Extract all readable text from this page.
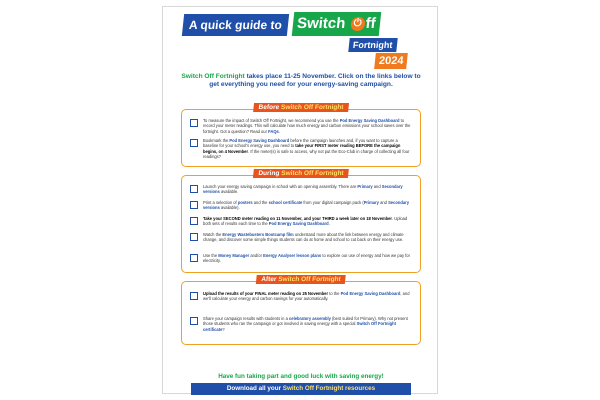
A quick guide to Switch ⏻ ff
Fortnight
2024
Switch Off Fortnight takes place 11-25 November. Click on the links below to get everything you need for your energy-saving campaign.
Before Switch Off Fortnight
To measure the impact of Switch Off Fortnight, we recommend you use the Pod Energy Saving Dashboard to record your meter readings. This will calculate how much energy and carbon emissions your school saves over the fortnight. Got a question? Read our FAQs.
Bookmark the Pod Energy Saving Dashboard before the campaign launches and, if you want to capture a baseline for your school's energy use, you need to take your FIRST meter reading BEFORE the campaign begins, on 4 November. If the meter(s) is safe to access, why not put the Eco-Club in charge of collecting all four readings?
During Switch Off Fortnight
Launch your energy saving campaign in school with an opening assembly. There are Primary and Secondary versions available.
Print a selection of posters and the school certificate from your digital campaign pack (Primary and Secondary versions available).
Take your SECOND meter reading on 11 November, and your THIRD a week later on 18 November. Upload both sets of results each time to the Pod Energy Saving Dashboard.
Watch the Energy Wastebusters Bootcamp film understand more about the link between energy and climate change, and discover some simple things students can do at home and school to cut back on their energy use.
Use the Money Manager and/or Energy Analyser lesson plans to explore our use of energy and how we pay for electricity.
After Switch Off Fortnight
Upload the results of your FINAL meter reading on 25 November to the Pod Energy Saving Dashboard, and we'll calculate your energy and carbon savings for your automatically.
Share your campaign results with students in a celebratory assembly (best suited for Primary). Why not present those students who ran the campaign or got involved in saving energy with a special Switch Off Fortnight certificate?
Have fun taking part and good luck with saving energy!
Download all your Switch Off Fortnight resources
